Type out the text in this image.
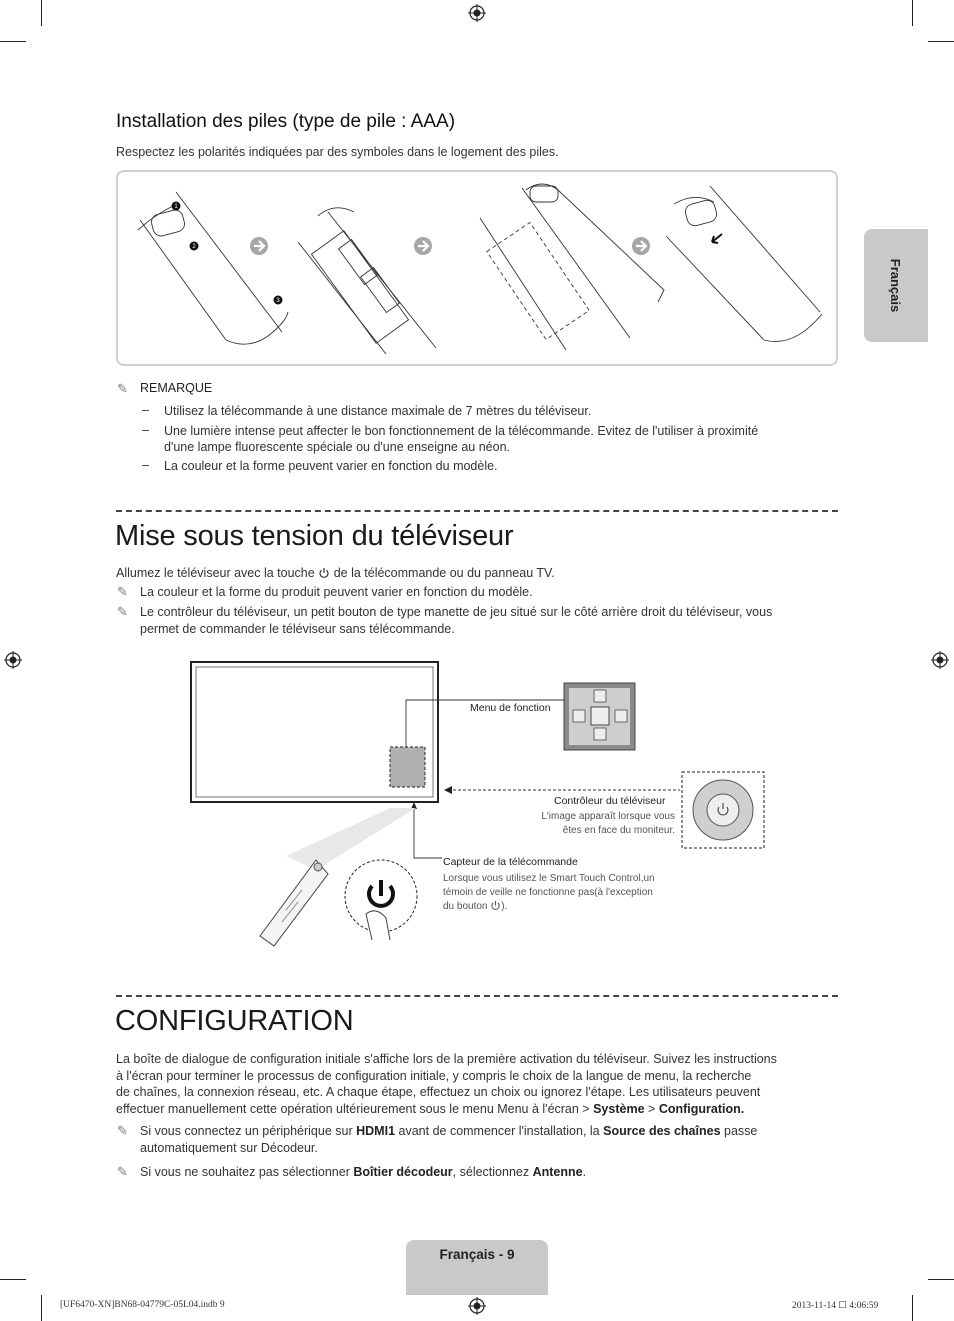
Français
Installation des piles (type de pile : AAA)

Respectez les polarités indiquées par des symboles dans le logement des piles.

1
2
3
✎ REMARQUE
– Utilisez la télécommande à une distance maximale de 7 mètres du téléviseur.

– Une lumière intense peut affecter le bon fonctionnement de la télécommande. Evitez de l'utiliser à proximité

d'une lampe fluorescente spéciale ou d'une enseigne au néon.

– La couleur et la forme peuvent varier en fonction du modèle.

Mise sous tension du téléviseur

Allumez le téléviseur avec la touche de la télécommande ou du panneau TV.

✎ La couleur et la forme du produit peuvent varier en fonction du modèle.

✎ Le contrôleur du téléviseur, un petit bouton de type manette de jeu situé sur le côté arrière droit du téléviseur, vous

permet de commander le téléviseur sans télécommande.

Menu de fonction
Contrôleur du téléviseur
L'image apparaît lorsque vous
êtes en face du moniteur.
Capteur de la télécommande
Lorsque vous utilisez le Smart Touch Control,un
témoin de veille ne fonctionne pas(à l'exception
du bouton ).
CONFIGURATION

La boîte de dialogue de configuration initiale s'affiche lors de la première activation du téléviseur. Suivez les instructions

à l'écran pour terminer le processus de configuration initiale, y compris le choix de la langue de menu, la recherche

de chaînes, la connexion réseau, etc. A chaque étape, effectuez un choix ou ignorez l'étape. Les utilisateurs peuvent

effectuer manuellement cette opération ultérieurement sous le menu Menu à l'écran > Système > Configuration.

✎ Si vous connectez un périphérique sur HDMI1 avant de commencer l'installation, la Source des chaînes passe

automatiquement sur Décodeur.

✎ Si vous ne souhaitez pas sélectionner Boîtier décodeur, sélectionnez Antenne.

Français - 9
[UF6470-XN]BN68-04779C-05L04.indb 9	2013-11-14 ☐ 4:06:59
